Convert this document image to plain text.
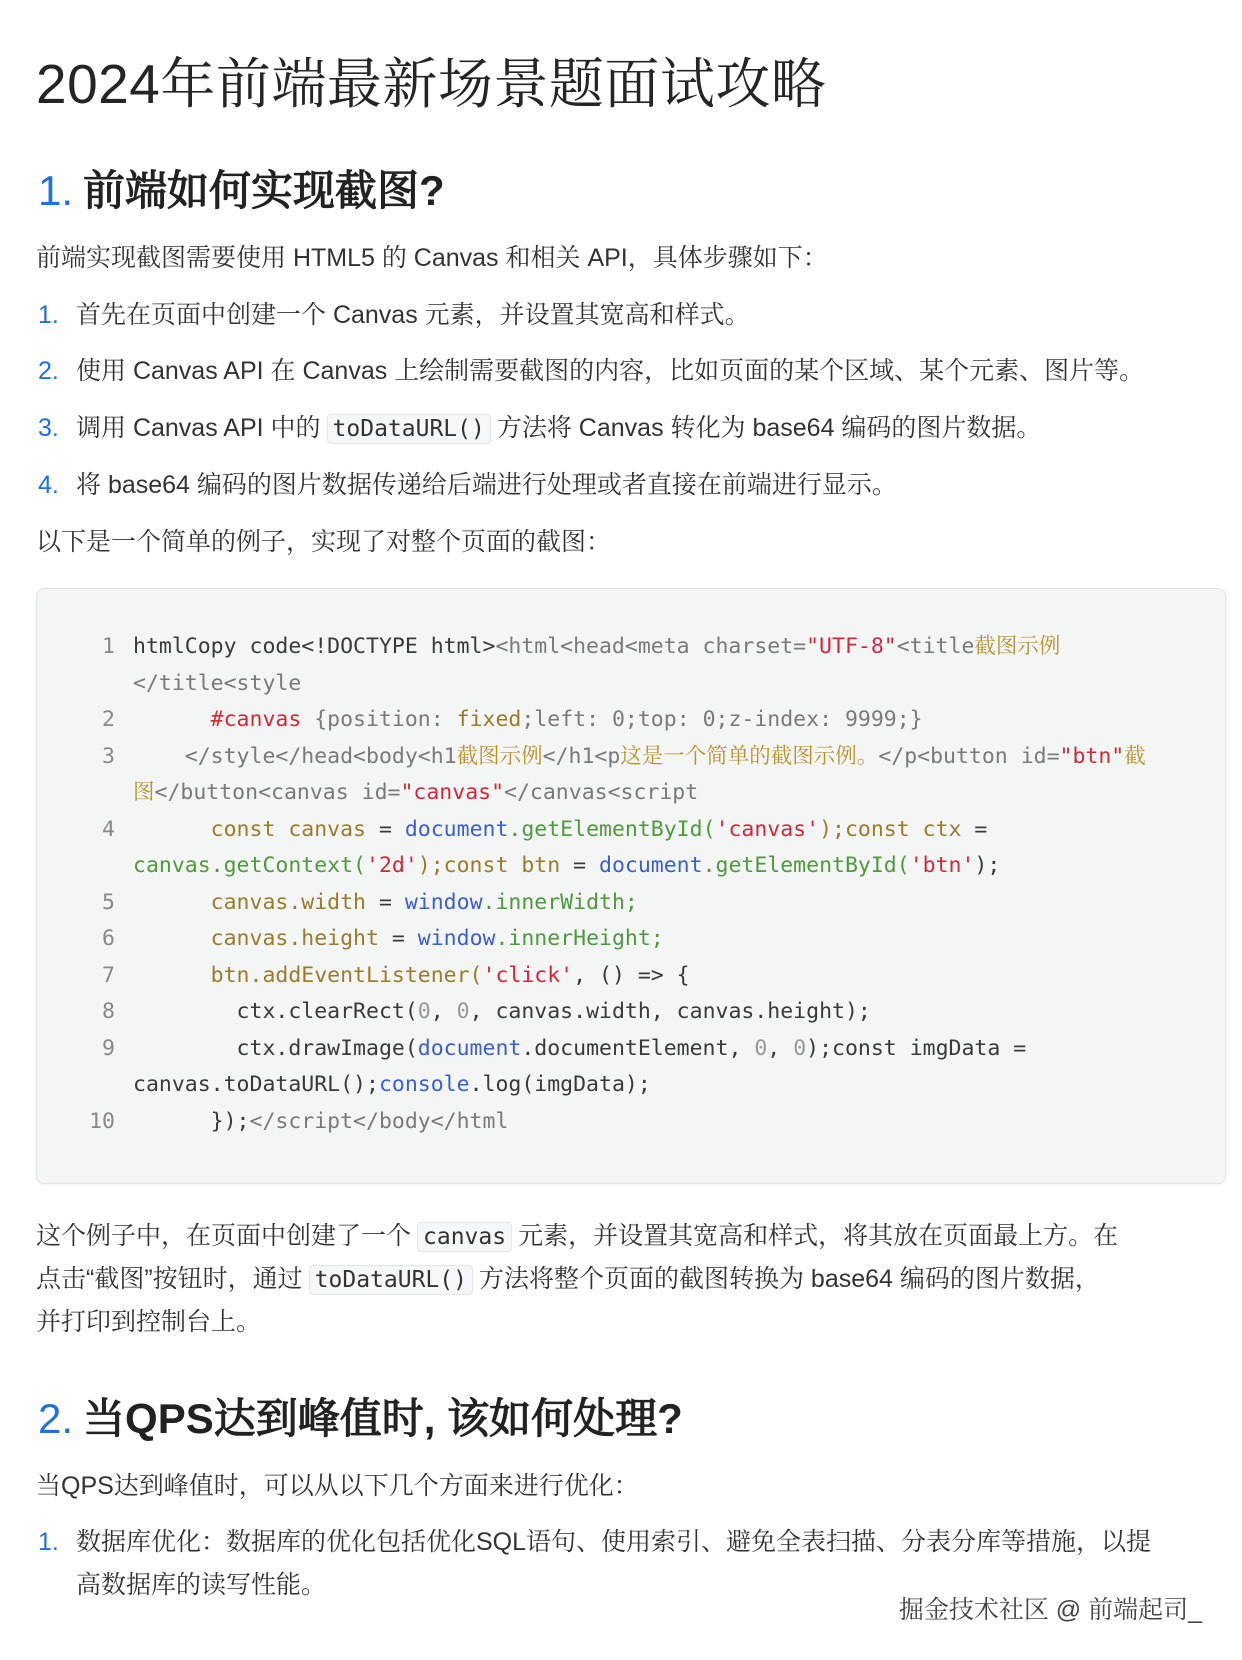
2024年前端最新场景题面试攻略
1. 前端如何实现截图?

前端实现截图需要使用 HTML5 的 Canvas 和相关 API，具体步骤如下：

1. 首先在页面中创建一个 Canvas 元素，并设置其宽高和样式。
2. 使用 Canvas API 在 Canvas 上绘制需要截图的内容，比如页面的某个区域、某个元素、图片等。
3. 调用 Canvas API 中的 toDataURL() 方法将 Canvas 转化为 base64 编码的图片数据。
4. 将 base64 编码的图片数据传递给后端进行处理或者直接在前端进行显示。

以下是一个简单的例子，实现了对整个页面的截图：

1 htmlCopy code<!DOCTYPE html><html<head<meta charset="UTF-8"<title截图示例
</title<style
2	#canvas {position: fixed;left: 0;top: 0;z-index: 9999;}
3    </style</head<body<h1截图示例</h1<p这是一个简单的截图示例。</p<button id="btn"截
图</button<canvas id="canvas"</canvas<script
4      const canvas = document.getElementById('canvas');const ctx =
canvas.getContext('2d');const btn = document.getElementById('btn');
5      canvas.width = window.innerWidth;
6      canvas.height = window.innerHeight;
7      btn.addEventListener('click', () => {
8        ctx.clearRect(0, 0, canvas.width, canvas.height);
9        ctx.drawImage(document.documentElement, 0, 0);const imgData =
canvas.toDataURL();console.log(imgData);
10      });</script</body</html

这个例子中，在页面中创建了一个 canvas 元素，并设置其宽高和样式，将其放在页面最上方。在

点击“截图”按钮时，通过 toDataURL() 方法将整个页面的截图转换为 base64 编码的图片数据，

并打印到控制台上。

2. 当QPS达到峰值时, 该如何处理?

当QPS达到峰值时，可以从以下几个方面来进行优化：

1. 数据库优化：数据库的优化包括优化SQL语句、使用索引、避免全表扫描、分表分库等措施，以提
高数据库的读写性能。
掘金技术社区 @ 前端起司_
